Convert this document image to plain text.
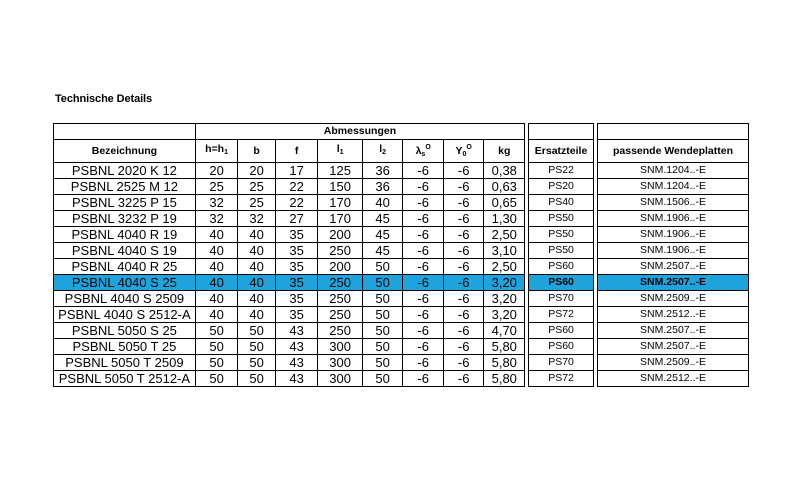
Technische Details
	Abmessungen											
Bezeichnung	$h=h_1$	b	f	$l_1$	$l_2$	$\lambda_s^O$	$Y_0^O$	kg		Ersatzteile		passende Wendeplatten
PSBNL 2020 K 12	20	20	17	125	36	-6	-6	0,38		PS22		SNM.1204..-E
PSBNL 2525 M 12	25	25	22	150	36	-6	-6	0,63		PS20		SNM.1204..-E
PSBNL 3225 P 15	32	25	22	170	40	-6	-6	0,65		PS40		SNM.1506..-E
PSBNL 3232 P 19	32	32	27	170	45	-6	-6	1,30		PS50		SNM.1906..-E
PSBNL 4040 R 19	40	40	35	200	45	-6	-6	2,50		PS50		SNM.1906..-E
PSBNL 4040 S 19	40	40	35	250	45	-6	-6	3,10		PS50		SNM.1906..-E
PSBNL 4040 R 25	40	40	35	200	50	-6	-6	2,50		PS60		SNM.2507..-E
PSBNL 4040 S 25	40	40	35	250	50	-6	-6	3,20		PS60		SNM.2507..-E
PSBNL 4040 S 2509	40	40	35	250	50	-6	-6	3,20		PS70		SNM.2509..-E
PSBNL 4040 S 2512-A	40	40	35	250	50	-6	-6	3,20		PS72		SNM.2512..-E
PSBNL 5050 S 25	50	50	43	250	50	-6	-6	4,70		PS60		SNM.2507..-E
PSBNL 5050 T 25	50	50	43	300	50	-6	-6	5,80		PS60		SNM.2507..-E
PSBNL 5050 T 2509	50	50	43	300	50	-6	-6	5,80		PS70		SNM.2509..-E
PSBNL 5050 T 2512-A	50	50	43	300	50	-6	-6	5,80		PS72		SNM.2512..-E
